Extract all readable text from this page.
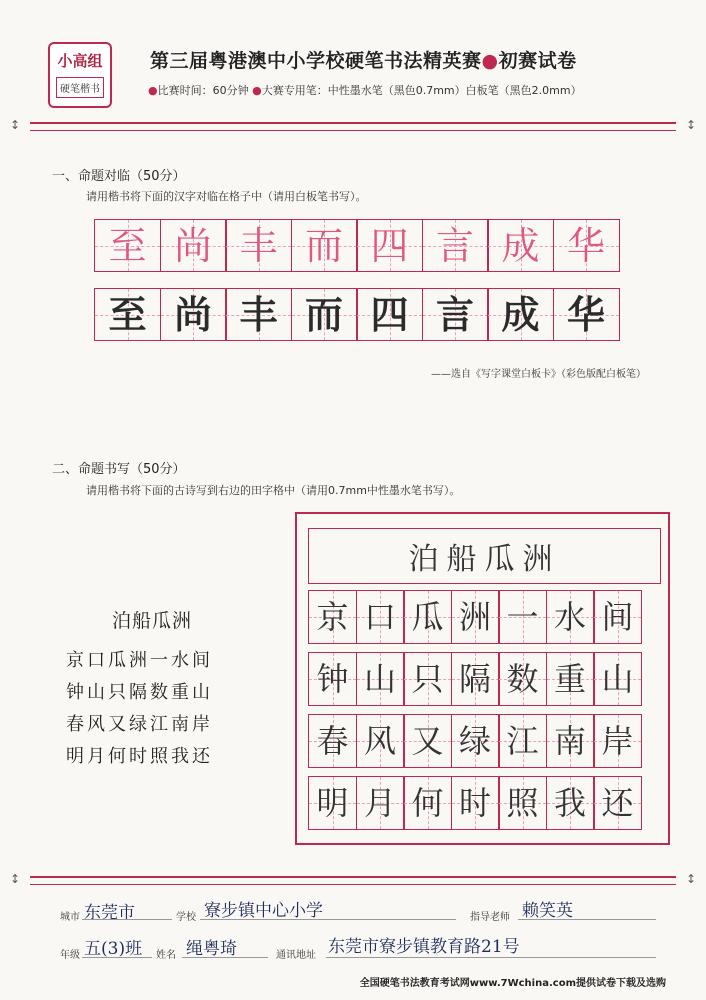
小高组
硬笔楷书
第三届粤港澳中小学校硬笔书法精英赛●初赛试卷
●比赛时间：60分钟 ●大赛专用笔：中性墨水笔（黑色0.7mm）白板笔（黑色2.0mm）
↕	↕
一、命题对临（50分）
请用楷书将下面的汉字对临在格子中（请用白板笔书写）。
至 尚 丰 而 四 言 成 华
至 尚 丰 而 四 言 成 华
——选自《写字课堂白板卡》（彩色版配白板笔）
二、命题书写（50分）
请用楷书将下面的古诗写到右边的田字格中（请用0.7mm中性墨水笔书写）。
泊船瓜洲
京口瓜洲一水间
钟山只隔数重山
春风又绿江南岸
明月何时照我还
泊船瓜洲
京 口 瓜 洲 一 水 间
钟 山 只 隔 数 重 山
春 风 又 绿 江 南 岸
明 月 何 时 照 我 还
↕	↕
城市 东莞市	学校 寮步镇中心小学	指导老师 赖笑英
年级 五(3)班 姓名 绳粤琦	通讯地址 东莞市寮步镇教育路21号
全国硬笔书法教育考试网www.7Wchina.com提供试卷下载及选购
